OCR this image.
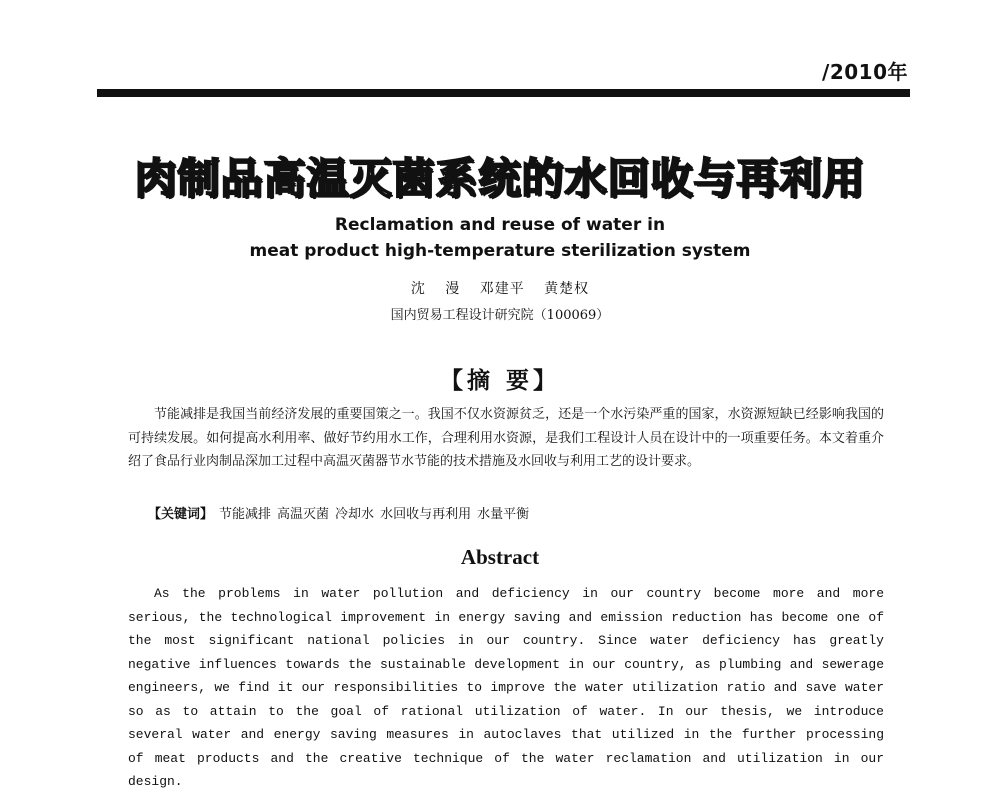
/2010年
肉制品高温灭菌系统的水回收与再利用
Reclamation and reuse of water in
meat product high-temperature sterilization system
沈 漫 邓建平 黄楚权
国内贸易工程设计研究院（100069）
【摘 要】

节能减排是我国当前经济发展的重要国策之一。我国不仅水资源贫乏，还是一个水污染严重的国家，水资源短缺已经影响我国的可持续发展。如何提高水利用率、做好节约用水工作，合理利用水资源，是我们工程设计人员在设计中的一项重要任务。本文着重介绍了食品行业肉制品深加工过程中高温灭菌器节水节能的技术措施及水回收与利用工艺的设计要求。

【关键词】 节能减排 高温灭菌 冷却水 水回收与再利用 水量平衡
Abstract

As the problems in water pollution and deficiency in our country become more and more serious, the technological improvement in energy saving and emission reduction has become one of the most significant national policies in our country. Since water deficiency has greatly negative influences towards the sustainable development in our country, as plumbing and sewerage engineers, we find it our responsibilities to improve the water utilization ratio and save water so as to attain to the goal of rational utilization of water. In our thesis, we introduce several water and energy saving measures in autoclaves that utilized in the further processing of meat products and the creative technique of the water reclamation and utilization in our design.
